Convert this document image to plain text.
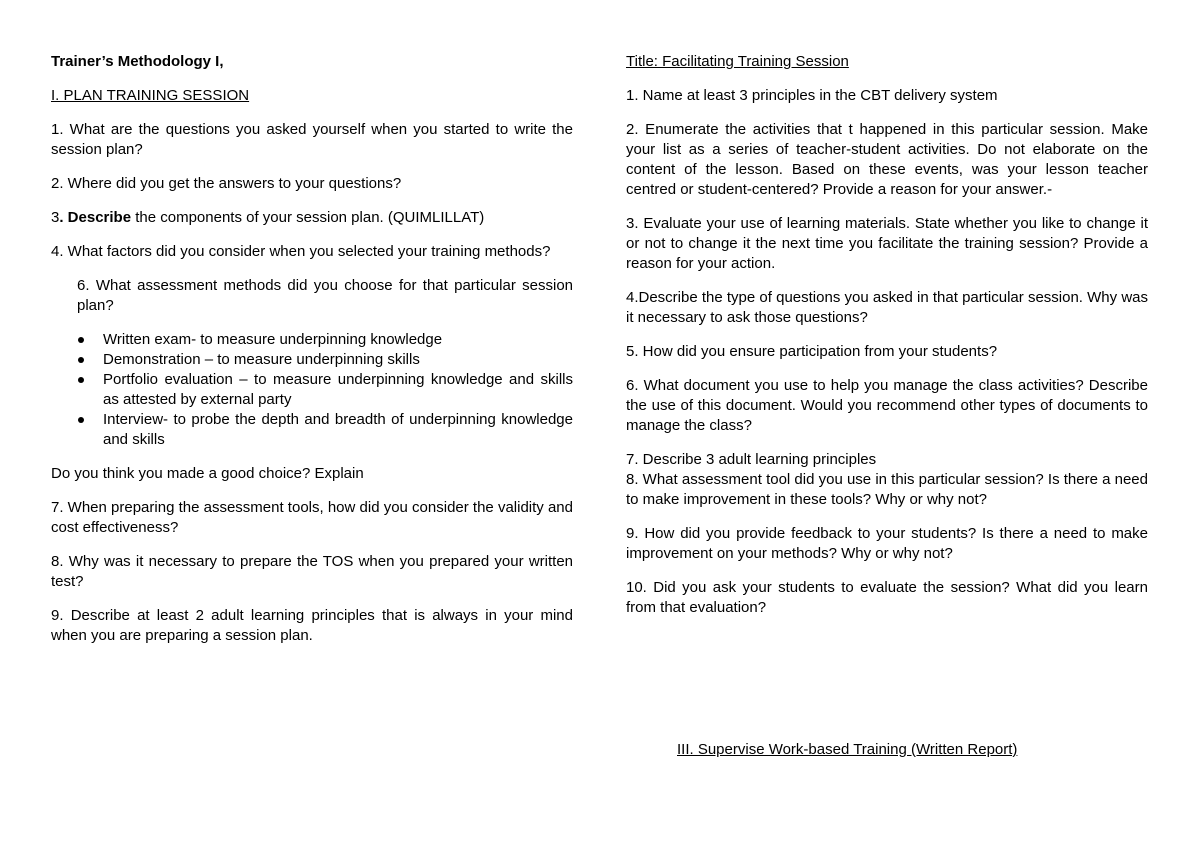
Trainer’s Methodology I,

I. PLAN TRAINING SESSION

1. What are the questions you asked yourself when you started to write the session plan?

2. Where did you get the answers to your questions?

3. Describe the components of your session plan. (QUIMLILLAT)

4. What factors did you consider when you selected your training methods?

6. What assessment methods did you choose for that particular session plan?

Written exam- to measure underpinning knowledge
Demonstration – to measure underpinning skills
Portfolio evaluation – to measure underpinning knowledge and skills as attested by external party
Interview- to probe the depth and breadth of underpinning knowledge and skills

Do you think you made a good choice? Explain

7. When preparing the assessment tools, how did you consider the validity and cost effectiveness?

8. Why was it necessary to prepare the TOS when you prepared your written test?

9. Describe at least 2 adult learning principles that is always in your mind when you are preparing a session plan.

Title: Facilitating Training Session

1. Name at least 3 principles in the CBT delivery system

2. Enumerate the activities that t happened in this particular session. Make your list as a series of teacher-student activities. Do not elaborate on the content of the lesson. Based on these events, was your lesson teacher centred or student-centered? Provide a reason for your answer.-

3. Evaluate your use of learning materials. State whether you like to change it or not to change it the next time you facilitate the training session? Provide a reason for your action.

4.Describe the type of questions you asked in that particular session. Why was it necessary to ask those questions?

5. How did you ensure participation from your students?

6. What document you use to help you manage the class activities? Describe the use of this document. Would you recommend other types of documents to manage the class?

7. Describe 3 adult learning principles

8. What assessment tool did you use in this particular session? Is there a need to make improvement in these tools? Why or why not?

9. How did you provide feedback to your students? Is there a need to make improvement on your methods? Why or why not?

10. Did you ask your students to evaluate the session? What did you learn from that evaluation?

III. Supervise Work-based Training (Written Report)
